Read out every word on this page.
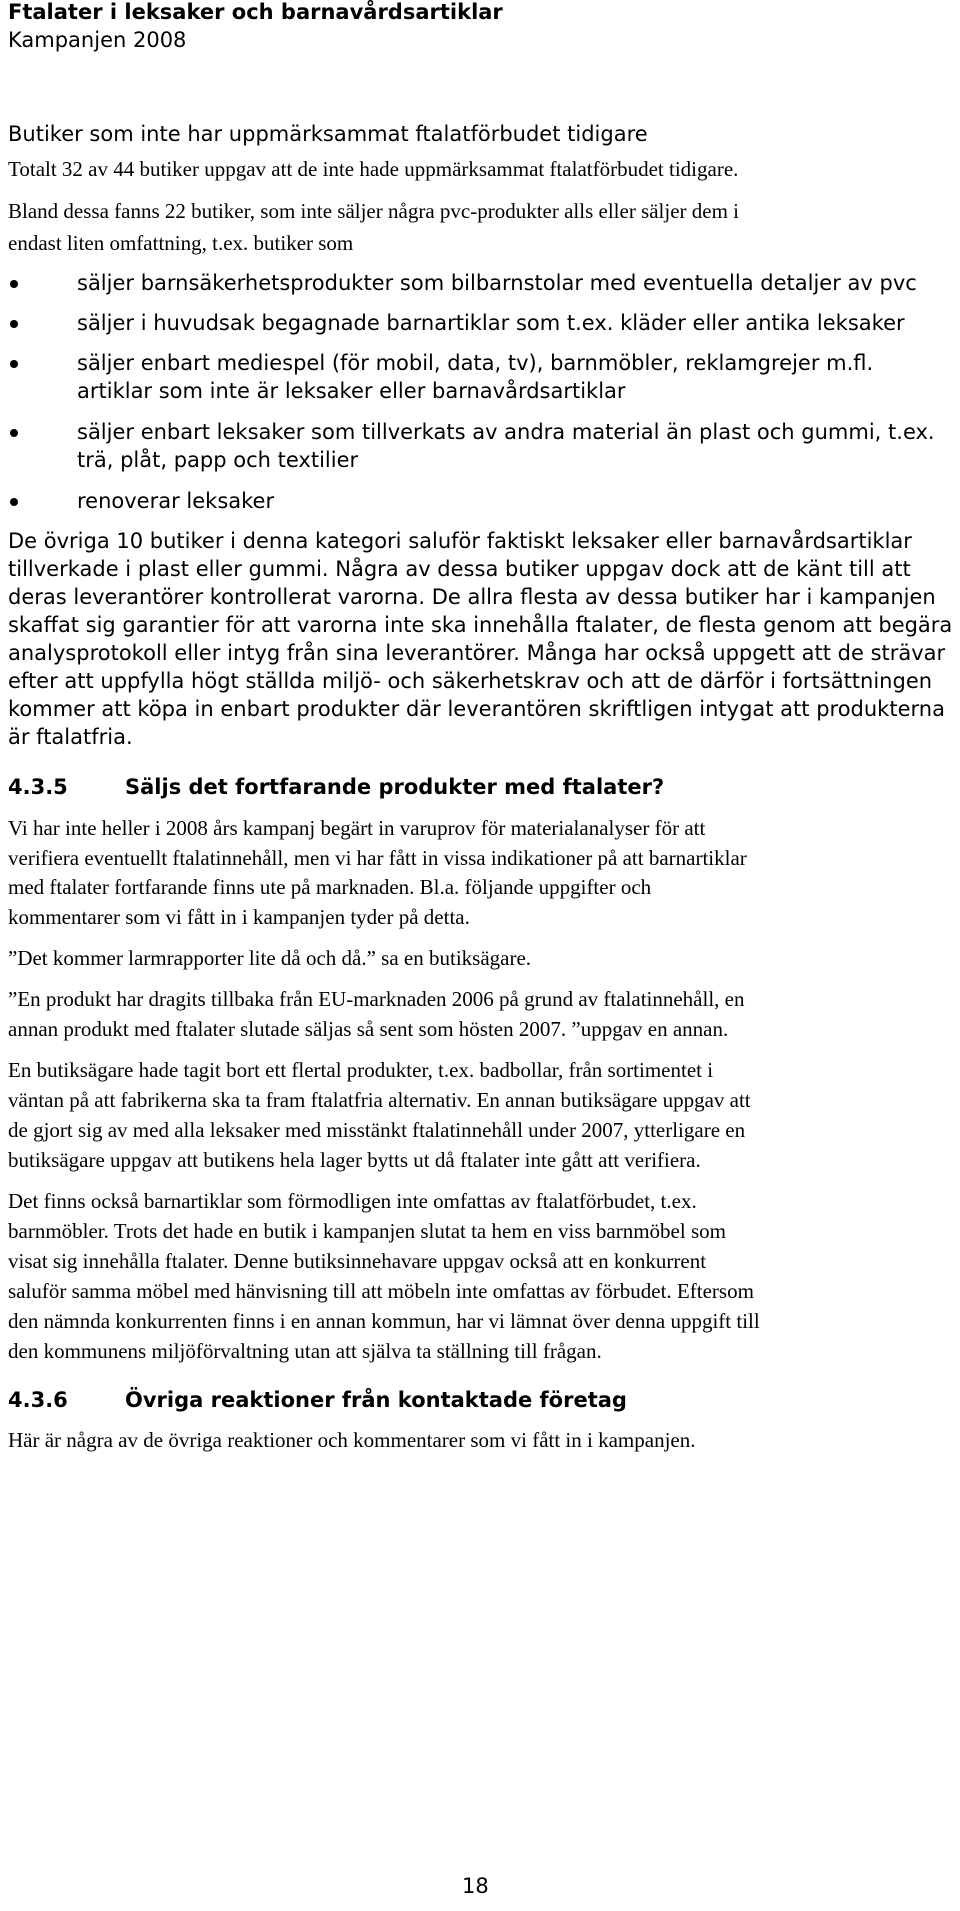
Ftalater i leksaker och barnavårdsartiklar
Kampanjen 2008
Butiker som inte har uppmärksammat ftalatförbudet tidigare
Totalt 32 av 44 butiker uppgav att de inte hade uppmärksammat ftalatförbudet tidigare.
Bland dessa fanns 22 butiker, som inte säljer några pvc-produkter alls eller säljer dem i
endast liten omfattning, t.ex. butiker som
säljer barnsäkerhetsprodukter som bilbarnstolar med eventuella detaljer av pvc
säljer i huvudsak begagnade barnartiklar som t.ex. kläder eller antika leksaker
säljer enbart mediespel (för mobil, data, tv), barnmöbler, reklamgrejer m.fl.
artiklar som inte är leksaker eller barnavårdsartiklar
säljer enbart leksaker som tillverkats av andra material än plast och gummi, t.ex.
trä, plåt, papp och textilier
renoverar leksaker
De övriga 10 butiker i denna kategori saluför faktiskt leksaker eller barnavårdsartiklar
tillverkade i plast eller gummi. Några av dessa butiker uppgav dock att de känt till att
deras leverantörer kontrollerat varorna. De allra flesta av dessa butiker har i kampanjen
skaffat sig garantier för att varorna inte ska innehålla ftalater, de flesta genom att begära
analysprotokoll eller intyg från sina leverantörer. Många har också uppgett att de strävar
efter att uppfylla högt ställda miljö- och säkerhetskrav och att de därför i fortsättningen
kommer att köpa in enbart produkter där leverantören skriftligen intygat att produkterna
är ftalatfria.
4.3.5	Säljs det fortfarande produkter med ftalater?
Vi har inte heller i 2008 års kampanj begärt in varuprov för materialanalyser för att
verifiera eventuellt ftalatinnehåll, men vi har fått in vissa indikationer på att barnartiklar
med ftalater fortfarande finns ute på marknaden. Bl.a. följande uppgifter och
kommentarer som vi fått in i kampanjen tyder på detta.
”Det kommer larmrapporter lite då och då.” sa en butiksägare.
”En produkt har dragits tillbaka från EU-marknaden 2006 på grund av ftalatinnehåll, en
annan produkt med ftalater slutade säljas så sent som hösten 2007. ”uppgav en annan.
En butiksägare hade tagit bort ett flertal produkter, t.ex. badbollar, från sortimentet i
väntan på att fabrikerna ska ta fram ftalatfria alternativ. En annan butiksägare uppgav att
de gjort sig av med alla leksaker med misstänkt ftalatinnehåll under 2007, ytterligare en
butiksägare uppgav att butikens hela lager bytts ut då ftalater inte gått att verifiera.
Det finns också barnartiklar som förmodligen inte omfattas av ftalatförbudet, t.ex.
barnmöbler. Trots det hade en butik i kampanjen slutat ta hem en viss barnmöbel som
visat sig innehålla ftalater. Denne butiksinnehavare uppgav också att en konkurrent
saluför samma möbel med hänvisning till att möbeln inte omfattas av förbudet. Eftersom
den nämnda konkurrenten finns i en annan kommun, har vi lämnat över denna uppgift till
den kommunens miljöförvaltning utan att själva ta ställning till frågan.
4.3.6	Övriga reaktioner från kontaktade företag
Här är några av de övriga reaktioner och kommentarer som vi fått in i kampanjen.
18
